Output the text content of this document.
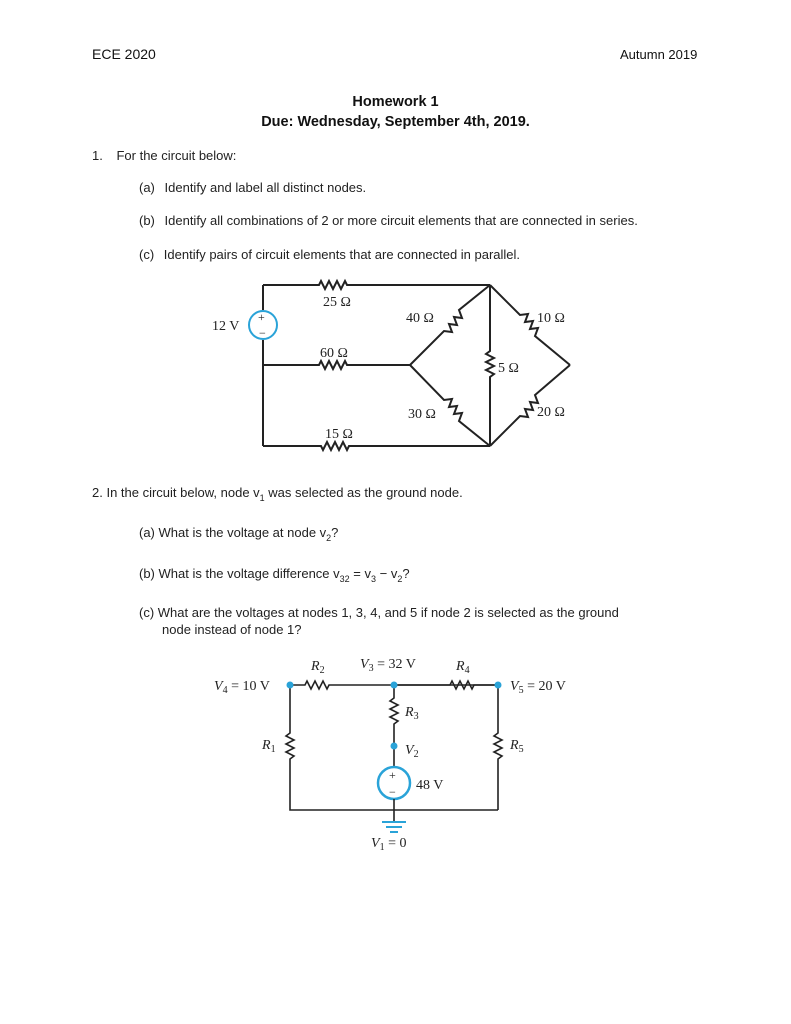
ECE 2020	Autumn 2019
Homework 1
Due: Wednesday, September 4th, 2019.
1. For the circuit below:
(a) Identify and label all distinct nodes.
(b) Identify all combinations of 2 or more circuit elements that are connected in series.
(c) Identify pairs of circuit elements that are connected in parallel.
+
−
12 V
25 Ω
60 Ω
15 Ω
40 Ω
30 Ω
5 Ω
10 Ω
20 Ω
2. In the circuit below, node $v_1$ was selected as the ground node.
(a) What is the voltage at node $v_2$?
(b) What is the voltage difference $v_{32} = v_3 - v_2$?
(c) What are the voltages at nodes 1, 3, 4, and 5 if node 2 is selected as the ground
node instead of node 1?
+
−
$V_4 = 10$ V
$V_3 = 32$ V
$V_5 = 20$ V
$V_2$
$V_1 = 0$
$R_2$	$R_4$
$R_3$
$R_1$	$R_5$
48 V
